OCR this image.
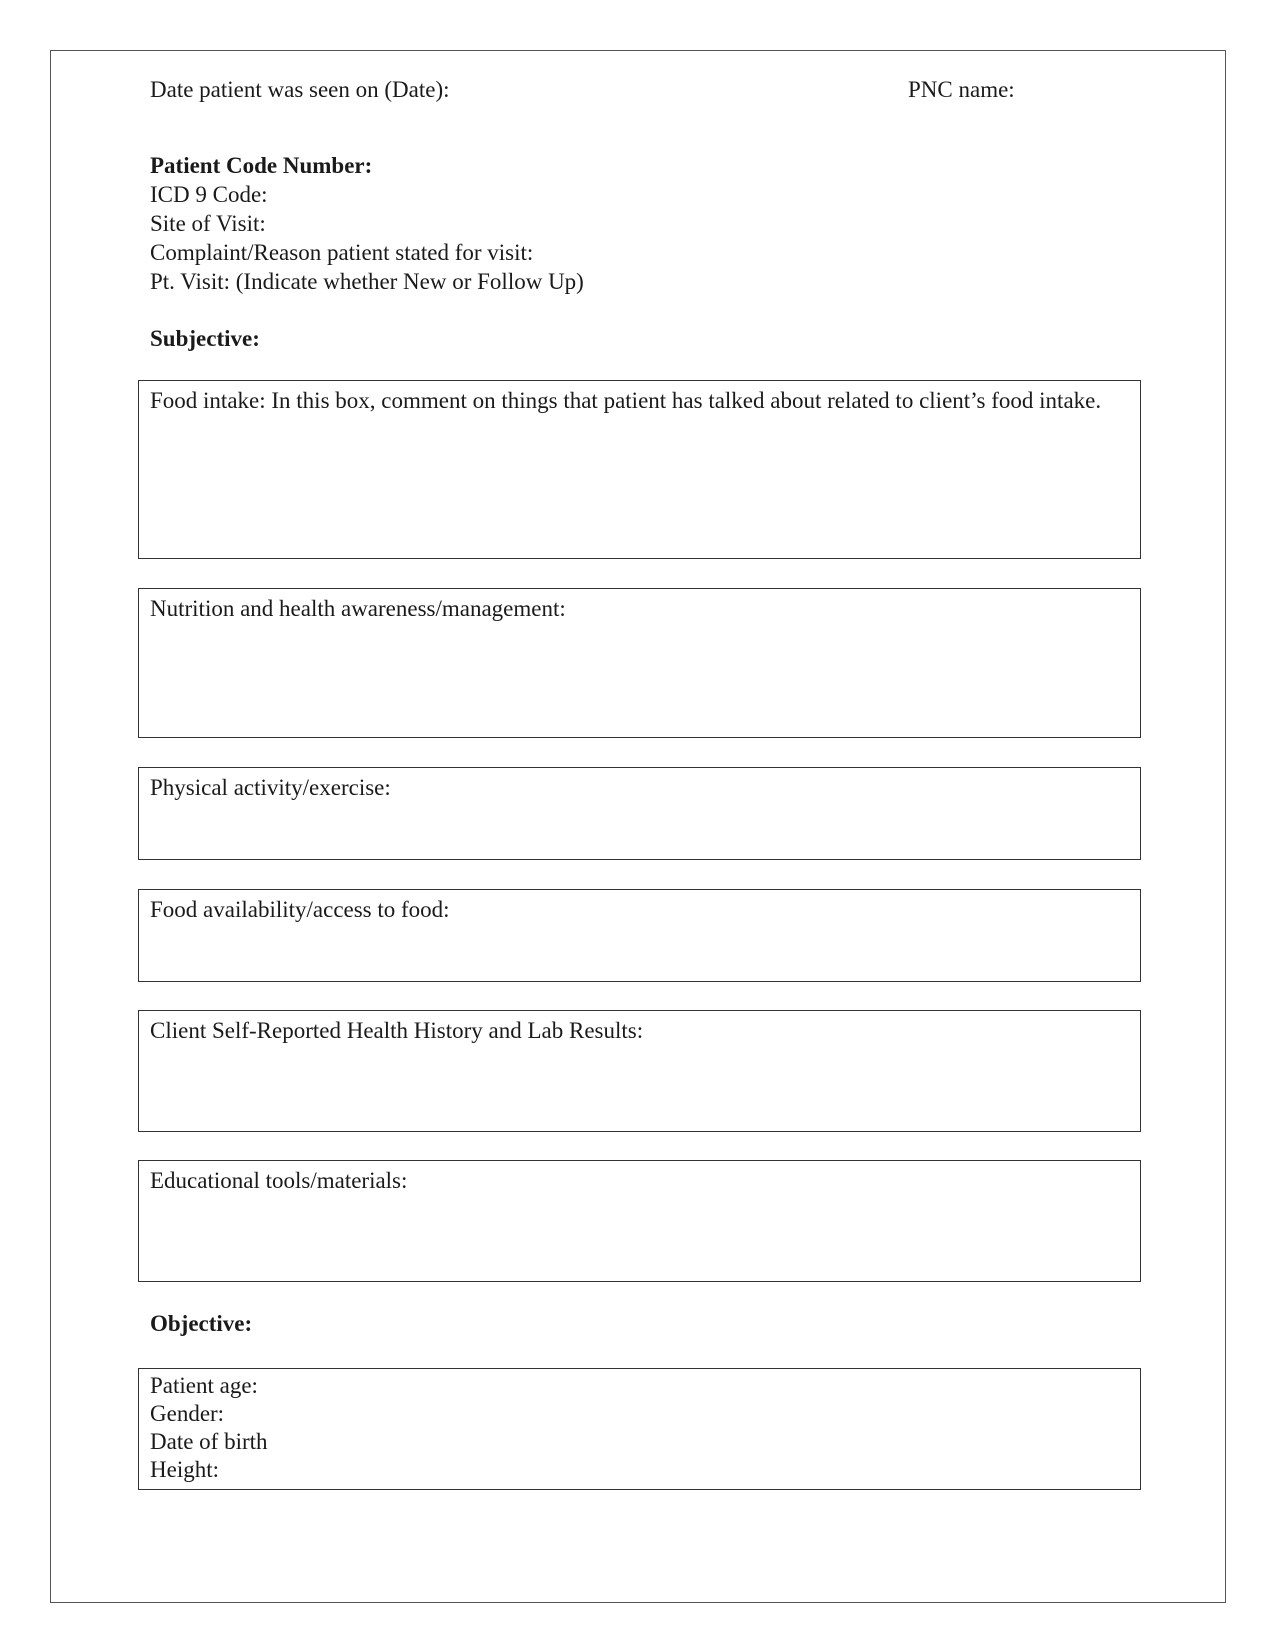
Date patient was seen on (Date):	PNC name:
Patient Code Number:
ICD 9 Code:
Site of Visit:
Complaint/Reason patient stated for visit:
Pt. Visit: (Indicate whether New or Follow Up)
Subjective:
Food intake: In this box, comment on things that patient has talked about related to client’s food intake.
Nutrition and health awareness/management:
Physical activity/exercise:
Food availability/access to food:
Client Self-Reported Health History and Lab Results:
Educational tools/materials:
Objective:
Patient age:
Gender:
Date of birth
Height:
